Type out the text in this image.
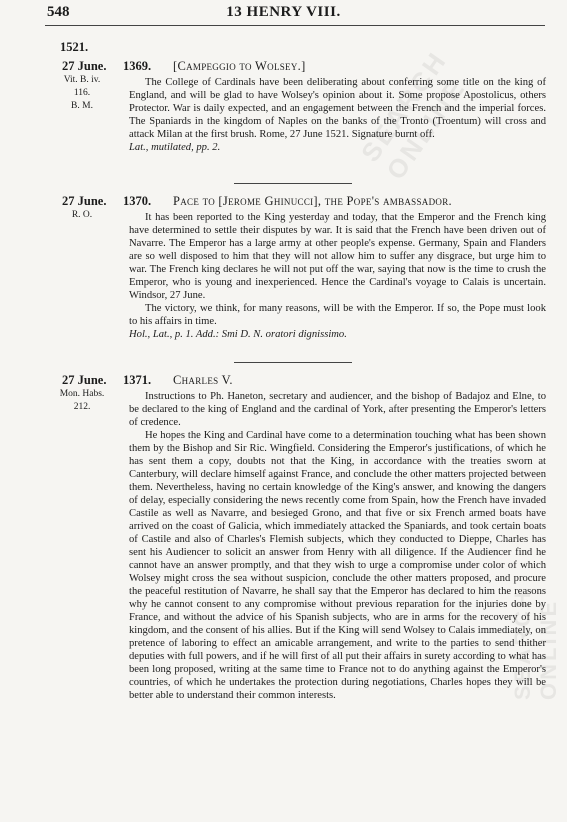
SEARCH ONLINE
SEARCH ONLINE
548	13 HENRY VIII.
1521.
27 June.
Vit. B. iv.
116.
B. M.
1369. [Campeggio to Wolsey.]

The College of Cardinals have been deliberating about conferring some title on the king of England, and will be glad to have Wolsey's opinion about it. Some propose Apostolicus, others Protector. War is daily expected, and an engagement between the French and the imperial forces. The Spaniards in the kingdom of Naples on the banks of the Tronto (Troentum) will cross and attack Milan at the first brush. Rome, 27 June 1521. Signature burnt off.

Lat., mutilated, pp. 2.

27 June.
R. O.
1370. Pace to [Jerome Ghinucci], the Pope's ambassador.

It has been reported to the King yesterday and today, that the Emperor and the French king have determined to settle their disputes by war. It is said that the French have been driven out of Navarre. The Emperor has a large army at other people's expense. Germany, Spain and Flanders are so well disposed to him that they will not allow him to suffer any disgrace, but urge him to war. The French king declares he will not put off the war, saying that now is the time to crush the Emperor, who is young and inexperienced. Hence the Cardinal's voyage to Calais is uncertain. Windsor, 27 June.

The victory, we think, for many reasons, will be with the Emperor. If so, the Pope must look to his affairs in time.

Hol., Lat., p. 1. Add.: Smi D. N. oratori dignissimo.

27 June.
Mon. Habs.
212.
1371. Charles V.

Instructions to Ph. Haneton, secretary and audiencer, and the bishop of Badajoz and Elne, to be declared to the king of England and the cardinal of York, after presenting the Emperor's letters of credence.

He hopes the King and Cardinal have come to a determination touching what has been shown them by the Bishop and Sir Ric. Wingfield. Considering the Emperor's justifications, of which he has sent them a copy, doubts not that the King, in accordance with the treaties sworn at Canterbury, will declare himself against France, and conclude the other matters projected between them. Nevertheless, having no certain knowledge of the King's answer, and knowing the dangers of delay, especially considering the news recently come from Spain, how the French have invaded Castile as well as Navarre, and besieged Grono, and that five or six French armed boats have arrived on the coast of Galicia, which immediately attacked the Spaniards, and took certain boats of Castile and also of Charles's Flemish subjects, which they conducted to Dieppe, Charles has sent his Audiencer to solicit an answer from Henry with all diligence. If the Audiencer find he cannot have an answer promptly, and that they wish to urge a compromise under color of which Wolsey might cross the sea without suspicion, conclude the other matters proposed, and procure the peaceful restitution of Navarre, he shall say that the Emperor has declared to him the reasons why he cannot consent to any compromise without previous reparation for the injuries done by France, and without the advice of his Spanish subjects, who are in arms for the recovery of his kingdom, and the consent of his allies. But if the King will send Wolsey to Calais immediately, on pretence of laboring to effect an amicable arrangement, and write to the parties to send thither deputies with full powers, and if he will first of all put their affairs in surety according to what has been long proposed, writing at the same time to France not to do anything against the Emperor's countries, of which he undertakes the protection during negotiations, Charles hopes they will be better able to understand their common interests.
